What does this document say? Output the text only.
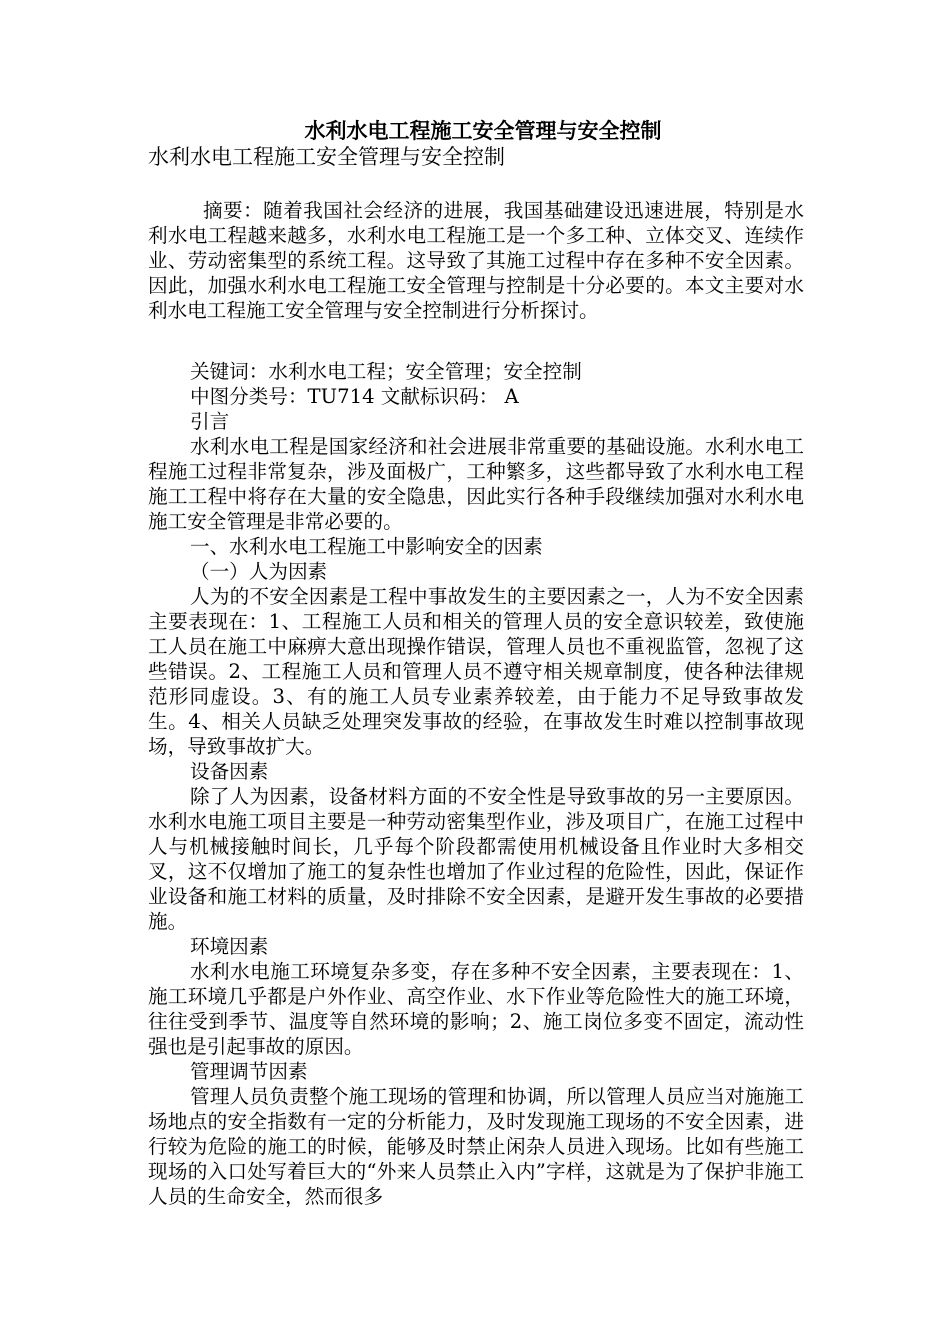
水利水电工程施工安全管理与安全控制
水利水电工程施工安全管理与安全控制

摘要：随着我国社会经济的进展，我国基础建设迅速进展，特别是水利水电工程越来越多，水利水电工程施工是一个多工种、立体交叉、连续作业、劳动密集型的系统工程。这导致了其施工过程中存在多种不安全因素。因此，加强水利水电工程施工安全管理与控制是十分必要的。本文主要对水利水电工程施工安全管理与安全控制进行分析探讨。

关键词：水利水电工程；安全管理；安全控制

中图分类号：TU714 文献标识码： A

引言

水利水电工程是国家经济和社会进展非常重要的基础设施。水利水电工程施工过程非常复杂，涉及面极广，工种繁多，这些都导致了水利水电工程施工工程中将存在大量的安全隐患，因此实行各种手段继续加强对水利水电施工安全管理是非常必要的。

一、水利水电工程施工中影响安全的因素

（一）人为因素

人为的不安全因素是工程中事故发生的主要因素之一，人为不安全因素主要表现在：1、工程施工人员和相关的管理人员的安全意识较差，致使施工人员在施工中麻痹大意出现操作错误，管理人员也不重视监管，忽视了这些错误。2、工程施工人员和管理人员不遵守相关规章制度，使各种法律规范形同虚设。3、有的施工人员专业素养较差，由于能力不足导致事故发生。4、相关人员缺乏处理突发事故的经验，在事故发生时难以控制事故现场，导致事故扩大。

设备因素

除了人为因素，设备材料方面的不安全性是导致事故的另一主要原因。水利水电施工项目主要是一种劳动密集型作业，涉及项目广，在施工过程中人与机械接触时间长，几乎每个阶段都需使用机械设备且作业时大多相交叉，这不仅增加了施工的复杂性也增加了作业过程的危险性，因此，保证作业设备和施工材料的质量，及时排除不安全因素，是避开发生事故的必要措施。

环境因素

水利水电施工环境复杂多变，存在多种不安全因素，主要表现在：1、施工环境几乎都是户外作业、高空作业、水下作业等危险性大的施工环境，往往受到季节、温度等自然环境的影响；2、施工岗位多变不固定，流动性强也是引起事故的原因。

管理调节因素

管理人员负责整个施工现场的管理和协调，所以管理人员应当对施施工场地点的安全指数有一定的分析能力，及时发现施工现场的不安全因素，进行较为危险的施工的时候，能够及时禁止闲杂人员进入现场。比如有些施工现场的入口处写着巨大的“外来人员禁止入内”字样，这就是为了保护非施工人员的生命安全，然而很多
